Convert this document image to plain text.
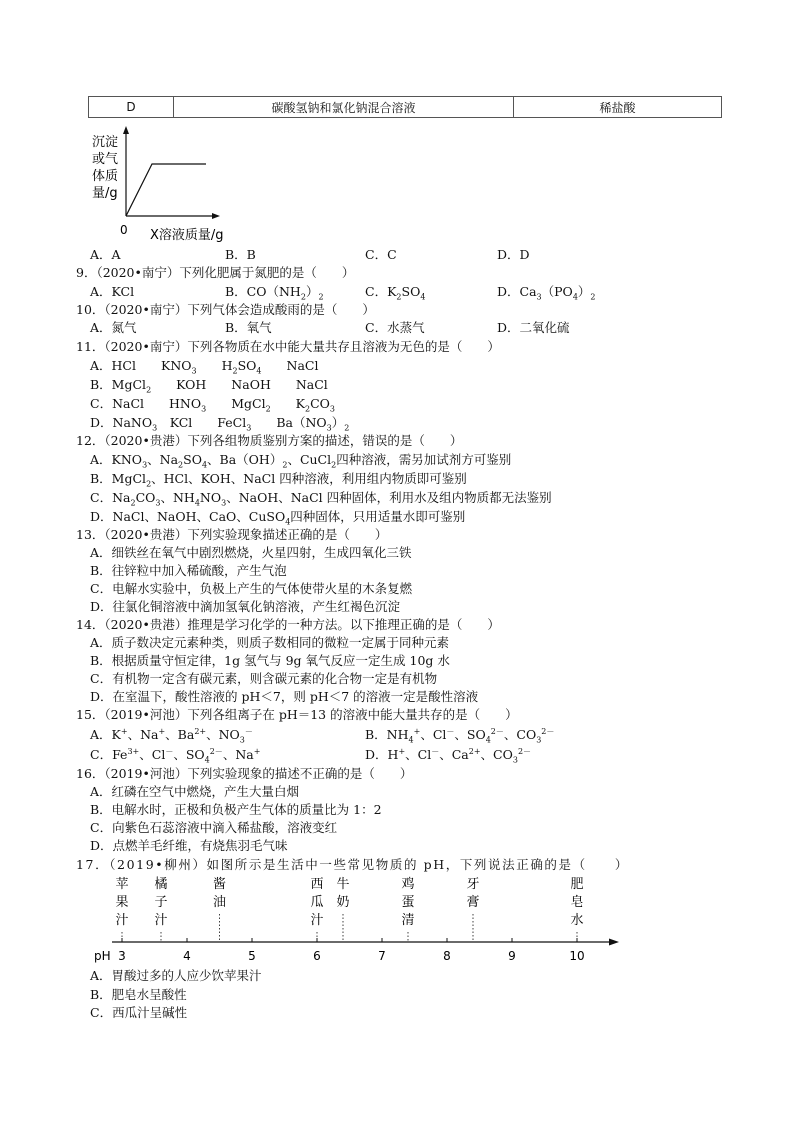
D	碳酸氢钠和氯化钠混合溶液	稀盐酸
沉淀
或气
体质
量/g
0 X溶液质量/g
A．A	B．B	C．C	D．D
9．（2020•南宁）下列化肥属于氮肥的是（　　）
A．KCl	B．$CO(NH_2)_2$	C．$K_2SO_4$	D．$Ca_3(PO_4)_2$
10．（2020•南宁）下列气体会造成酸雨的是（　　）
A．氮气	B．氧气	C．水蒸气	D．二氧化硫
11．（2020•南宁）下列各物质在水中能大量共存且溶液为无色的是（　　）
A．HCl　　$KNO_3$　　$H_2SO_4$　　NaCl
B．MgCl$_2$　　KOH　　NaOH　　NaCl
C．NaCl　　$HNO_3$　　MgCl$_2$　　$K_2CO_3$
D．NaNO$_3$　KCl　　FeCl$_3$　　$Ba(NO_3)_2$
12．（2020•贵港）下列各组物质鉴别方案的描述，错误的是（　　）
A．$KNO_3$、$Na_2SO_4$、$Ba(OH)_2$、CuCl$_2$四种溶液，需另加试剂方可鉴别
B．MgCl$_2$、HCl、KOH、NaCl 四种溶液，利用组内物质即可鉴别
C．$Na_2CO_3$、$NH_4NO_3$、NaOH、NaCl 四种固体，利用水及组内物质都无法鉴别
D．NaCl、NaOH、CaO、CuSO$_4$四种固体，只用适量水即可鉴别
13．（2020•贵港）下列实验现象描述正确的是（　　）
A．细铁丝在氧气中剧烈燃烧，火星四射，生成四氧化三铁
B．往锌粒中加入稀硫酸，产生气泡
C．电解水实验中，负极上产生的气体使带火星的木条复燃
D．往氯化铜溶液中滴加氢氧化钠溶液，产生红褐色沉淀
14．（2020•贵港）推理是学习化学的一种方法。以下推理正确的是（　　）
A．质子数决定元素种类，则质子数相同的微粒一定属于同种元素
B．根据质量守恒定律，1g 氢气与 9g 氧气反应一定生成 10g 水
C．有机物一定含有碳元素，则含碳元素的化合物一定是有机物
D．在室温下，酸性溶液的 pH＜7，则 pH＜7 的溶液一定是酸性溶液
15．（2019•河池）下列各组离子在 pH＝13 的溶液中能大量共存的是（　　）
A．K+、Na+、$Ba^{2+}$、$NO_3^-$	B．$NH_4^+$、Cl－、$SO_4^{2-}$、$CO_3^{2-}$
C．$Fe^{3+}$、Cl－、$SO_4^{2-}$、Na+	D．H+、Cl－、$Ca^{2+}$、$CO_3^{2-}$
16．（2019•河池）下列实验现象的描述不正确的是（　　）
A．红磷在空气中燃烧，产生大量白烟
B．电解水时，正极和负极产生气体的质量比为 1：2
C．向紫色石蕊溶液中滴入稀盐酸，溶液变红
D．点燃羊毛纤维，有烧焦羽毛气味
17．（2019•柳州）如图所示是生活中一些常见物质的 pH，下列说法正确的是（　　）
pH 3	4	5	6	7	8	9	10
苹
果
汁
橘
子
汁
酱
油
西
瓜
汁
牛
奶
鸡
蛋
清
牙
膏
肥
皂
水
A．胃酸过多的人应少饮苹果汁
B．肥皂水呈酸性
C．西瓜汁呈碱性
